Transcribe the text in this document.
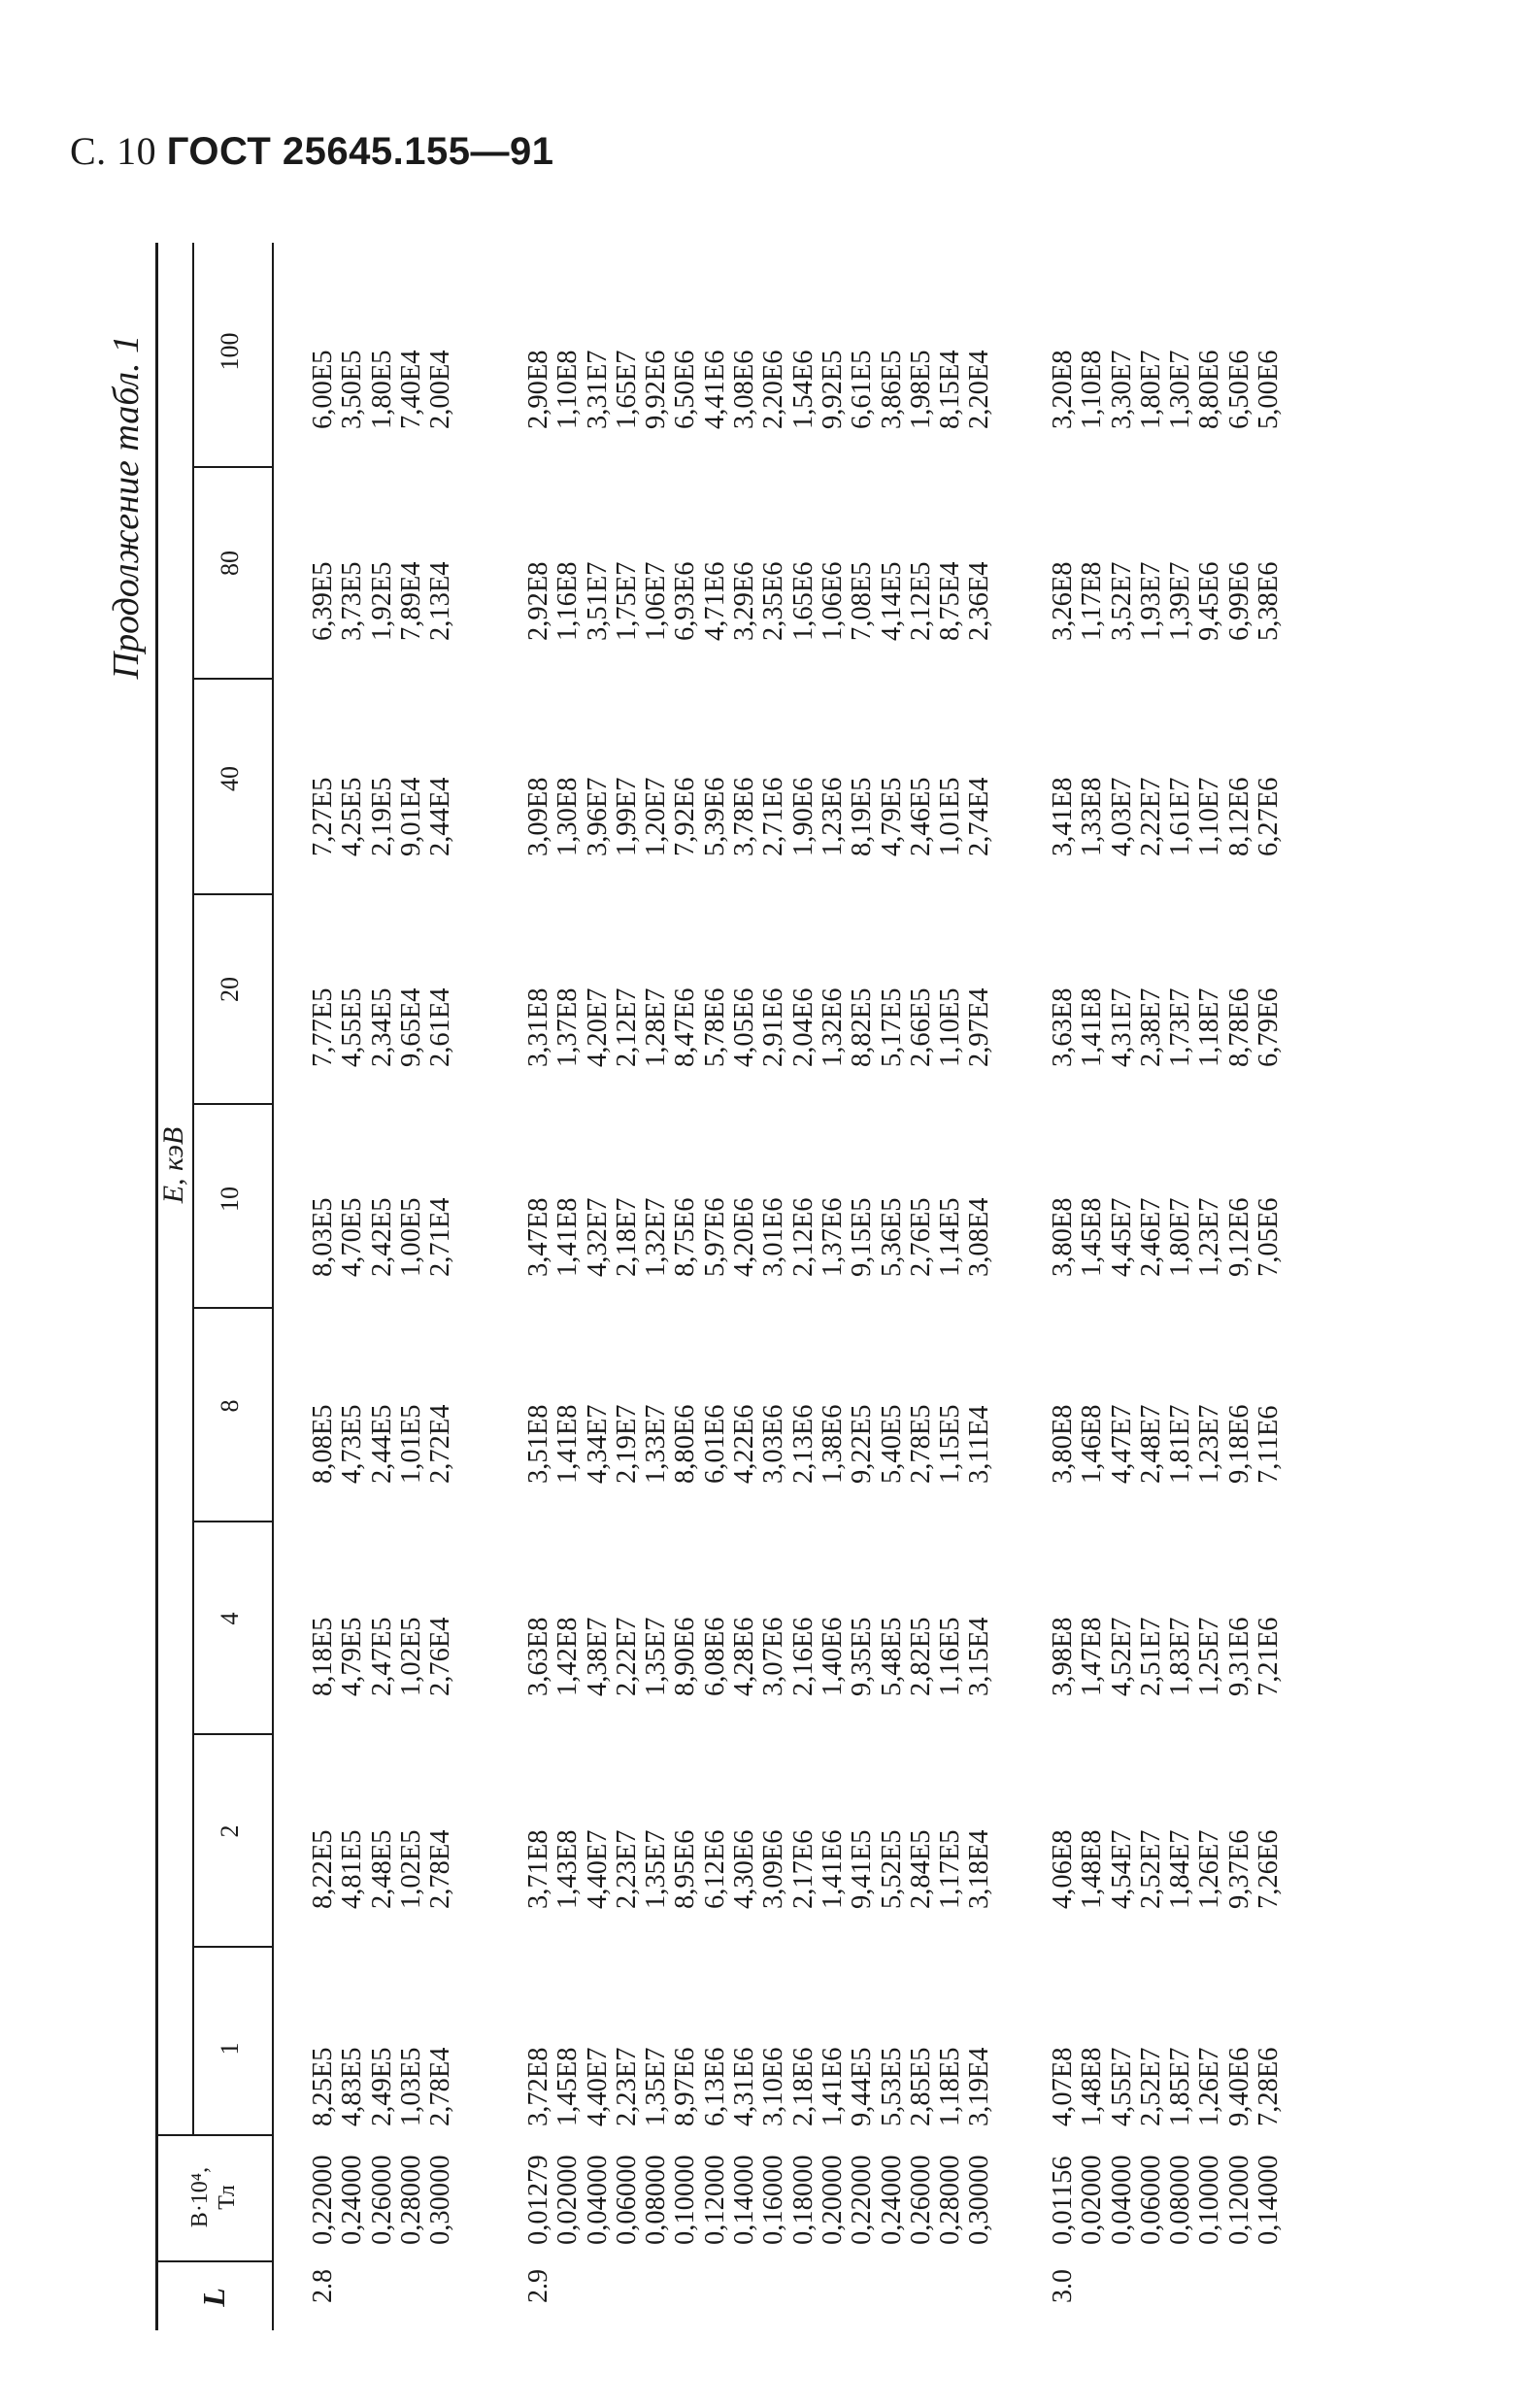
С. 10 ГОСТ 25645.155—91
Продолжение табл. 1
L
B·10⁴, Тл
E, кэВ
1
2
4
8
10
20
40
80
100
2.8
0,22000 0,24000 0,26000 0,28000 0,30000
8,25E5 4,83E5 2,49E5 1,03E5 2,78E4
8,22E5 4,81E5 2,48E5 1,02E5 2,78E4
8,18E5 4,79E5 2,47E5 1,02E5 2,76E4
8,08E5 4,73E5 2,44E5 1,01E5 2,72E4
8,03E5 4,70E5 2,42E5 1,00E5 2,71E4
7,77E5 4,55E5 2,34E5 9,65E4 2,61E4
7,27E5 4,25E5 2,19E5 9,01E4 2,44E4
6,39E5 3,73E5 1,92E5 7,89E4 2,13E4
6,00E5 3,50E5 1,80E5 7,40E4 2,00E4
2.9
0,01279 0,02000 0,04000 0,06000 0,08000 0,10000 0,12000 0,14000 0,16000 0,18000 0,20000 0,22000 0,24000 0,26000 0,28000 0,30000
3,72E8 1,45E8 4,40E7 2,23E7 1,35E7 8,97E6 6,13E6 4,31E6 3,10E6 2,18E6 1,41E6 9,44E5 5,53E5 2,85E5 1,18E5 3,19E4
3,71E8 1,43E8 4,40E7 2,23E7 1,35E7 8,95E6 6,12E6 4,30E6 3,09E6 2,17E6 1,41E6 9,41E5 5,52E5 2,84E5 1,17E5 3,18E4
3,63E8 1,42E8 4,38E7 2,22E7 1,35E7 8,90E6 6,08E6 4,28E6 3,07E6 2,16E6 1,40E6 9,35E5 5,48E5 2,82E5 1,16E5 3,15E4
3,51E8 1,41E8 4,34E7 2,19E7 1,33E7 8,80E6 6,01E6 4,22E6 3,03E6 2,13E6 1,38E6 9,22E5 5,40E5 2,78E5 1,15E5 3,11E4
3,47E8 1,41E8 4,32E7 2,18E7 1,32E7 8,75E6 5,97E6 4,20E6 3,01E6 2,12E6 1,37E6 9,15E5 5,36E5 2,76E5 1,14E5 3,08E4
3,31E8 1,37E8 4,20E7 2,12E7 1,28E7 8,47E6 5,78E6 4,05E6 2,91E6 2,04E6 1,32E6 8,82E5 5,17E5 2,66E5 1,10E5 2,97E4
3,09E8 1,30E8 3,96E7 1,99E7 1,20E7 7,92E6 5,39E6 3,78E6 2,71E6 1,90E6 1,23E6 8,19E5 4,79E5 2,46E5 1,01E5 2,74E4
2,92E8 1,16E8 3,51E7 1,75E7 1,06E7 6,93E6 4,71E6 3,29E6 2,35E6 1,65E6 1,06E6 7,08E5 4,14E5 2,12E5 8,75E4 2,36E4
2,90E8 1,10E8 3,31E7 1,65E7 9,92E6 6,50E6 4,41E6 3,08E6 2,20E6 1,54E6 9,92E5 6,61E5 3,86E5 1,98E5 8,15E4 2,20E4
3.0
0,01156 0,02000 0,04000 0,06000 0,08000 0,10000 0,12000 0,14000
4,07E8 1,48E8 4,55E7 2,52E7 1,85E7 1,26E7 9,40E6 7,28E6
4,06E8 1,48E8 4,54E7 2,52E7 1,84E7 1,26E7 9,37E6 7,26E6
3,98E8 1,47E8 4,52E7 2,51E7 1,83E7 1,25E7 9,31E6 7,21E6
3,80E8 1,46E8 4,47E7 2,48E7 1,81E7 1,23E7 9,18E6 7,11E6
3,80E8 1,45E8 4,45E7 2,46E7 1,80E7 1,23E7 9,12E6 7,05E6
3,63E8 1,41E8 4,31E7 2,38E7 1,73E7 1,18E7 8,78E6 6,79E6
3,41E8 1,33E8 4,03E7 2,22E7 1,61E7 1,10E7 8,12E6 6,27E6
3,26E8 1,17E8 3,52E7 1,93E7 1,39E7 9,45E6 6,99E6 5,38E6
3,20E8 1,10E8 3,30E7 1,80E7 1,30E7 8,80E6 6,50E6 5,00E6
